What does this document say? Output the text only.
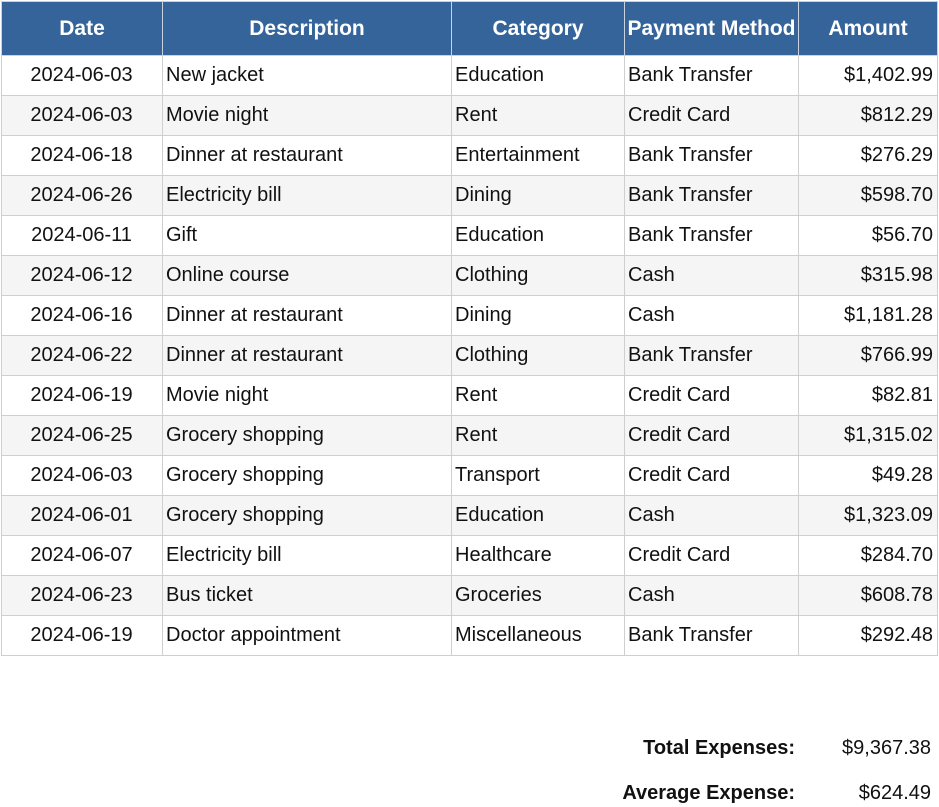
Date	Description	Category	Payment Method	Amount
2024-06-03	New jacket	Education	Bank Transfer	$1,402.99
2024-06-03	Movie night	Rent	Credit Card	$812.29
2024-06-18	Dinner at restaurant	Entertainment	Bank Transfer	$276.29
2024-06-26	Electricity bill	Dining	Bank Transfer	$598.70
2024-06-11	Gift	Education	Bank Transfer	$56.70
2024-06-12	Online course	Clothing	Cash	$315.98
2024-06-16	Dinner at restaurant	Dining	Cash	$1,181.28
2024-06-22	Dinner at restaurant	Clothing	Bank Transfer	$766.99
2024-06-19	Movie night	Rent	Credit Card	$82.81
2024-06-25	Grocery shopping	Rent	Credit Card	$1,315.02
2024-06-03	Grocery shopping	Transport	Credit Card	$49.28
2024-06-01	Grocery shopping	Education	Cash	$1,323.09
2024-06-07	Electricity bill	Healthcare	Credit Card	$284.70
2024-06-23	Bus ticket	Groceries	Cash	$608.78
2024-06-19	Doctor appointment	Miscellaneous	Bank Transfer	$292.48
Total Expenses:	$9,367.38
Average Expense:	$624.49
